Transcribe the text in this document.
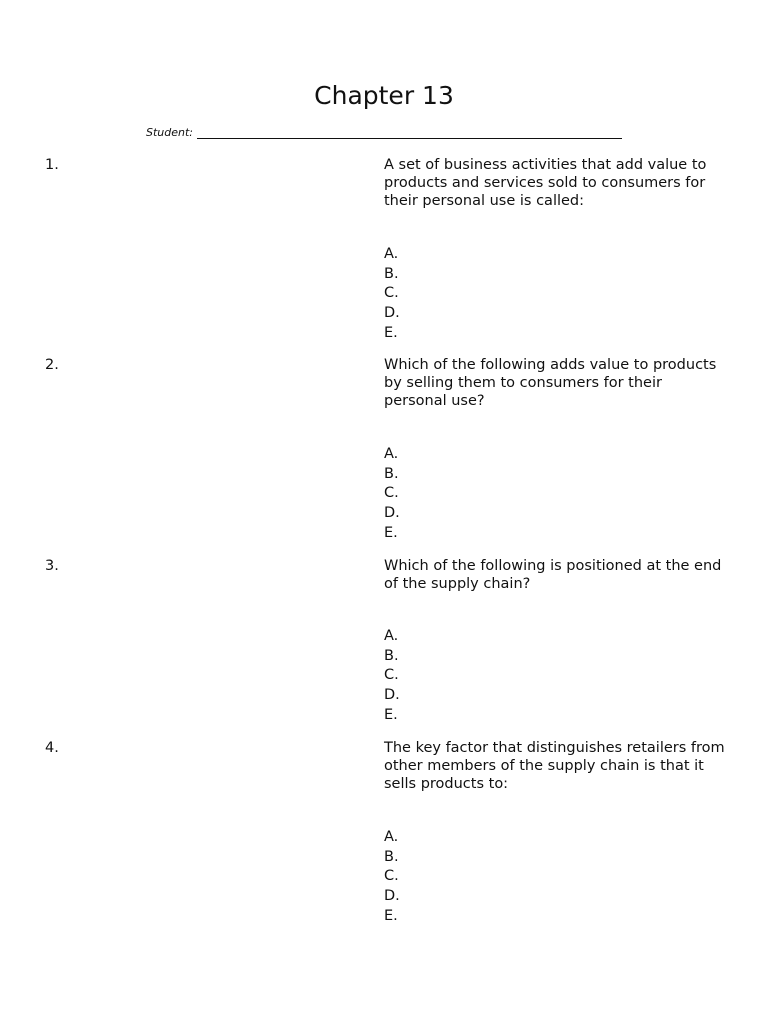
Chapter 13
Student:
1.	A set of business activities that add value to products and services sold to consumers for their personal use is called:

A.
B.
C.
D.
E.
2.	Which of the following adds value to products by selling them to consumers for their personal use?

A.
B.
C.
D.
E.
3.	Which of the following is positioned at the end of the supply chain?

A.
B.
C.
D.
E.
4.	The key factor that distinguishes retailers from other members of the supply chain is that it sells products to:

A.
B.
C.
D.
E.
